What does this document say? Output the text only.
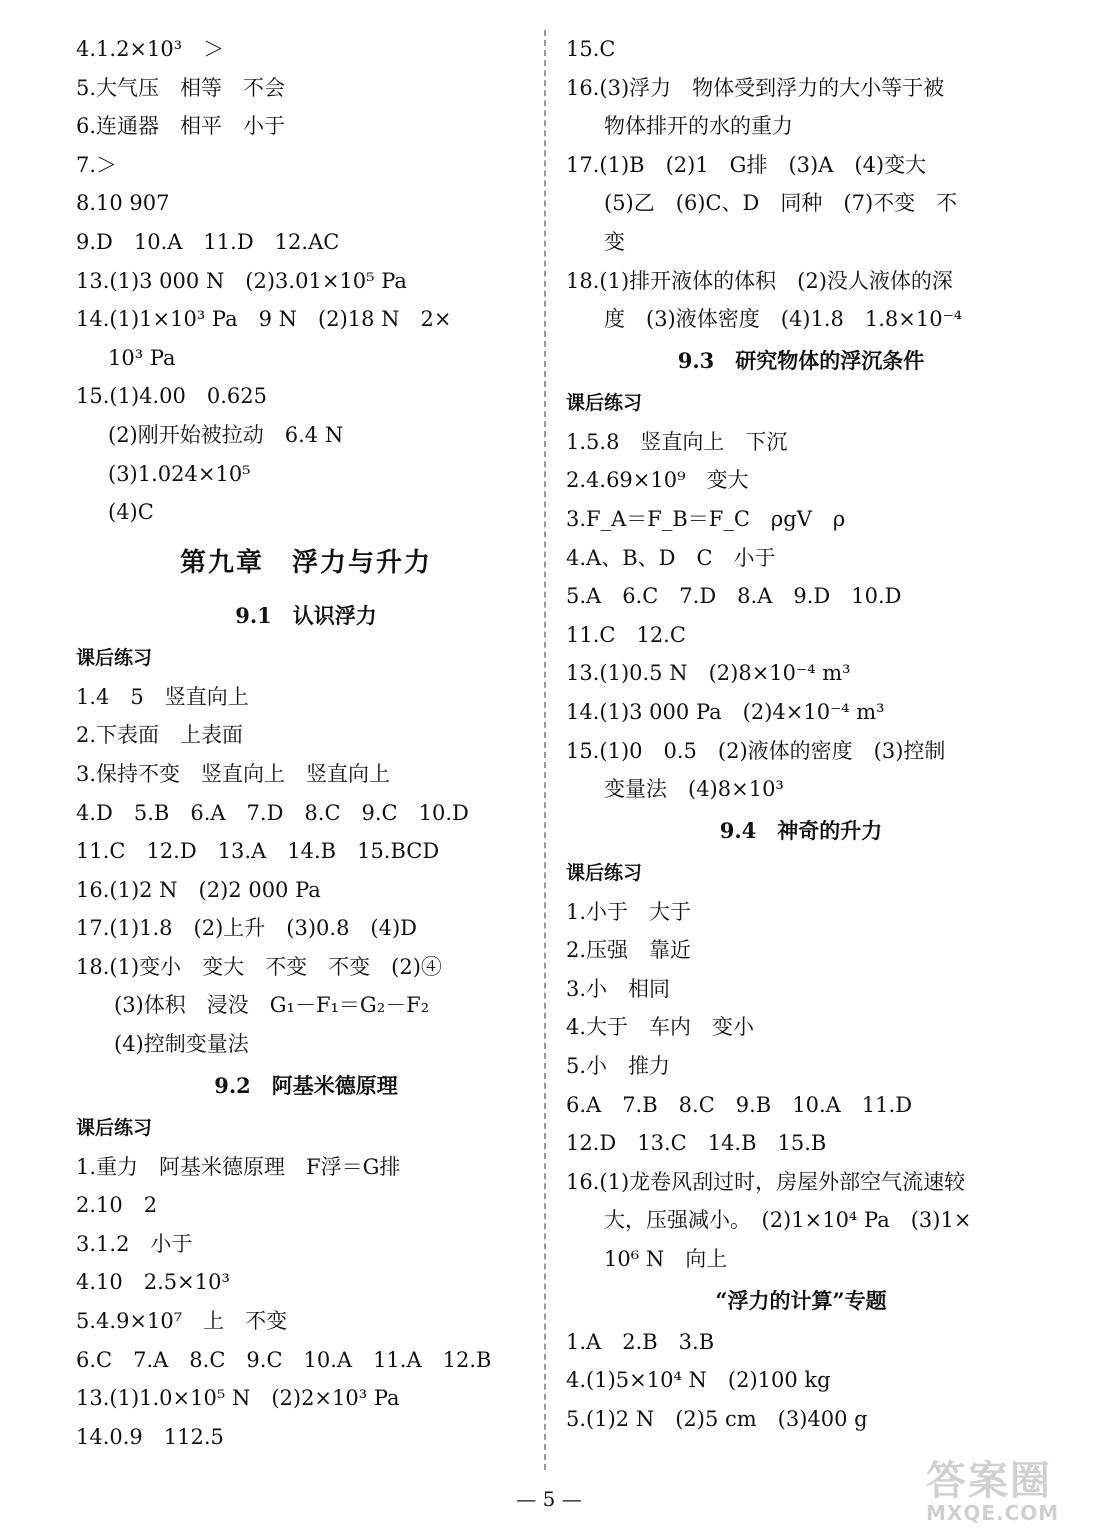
4.1.2×10³　＞
5.大气压　相等　不会
6.连通器　相平　小于
7.＞
8.10 907
9.D　10.A　11.D　12.AC
13.(1)3 000 N　(2)3.01×10⁵ Pa
14.(1)1×10³ Pa　9 N　(2)18 N　2×
10³ Pa
15.(1)4.00　0.625
(2)刚开始被拉动　6.4 N
(3)1.024×10⁵
(4)C
第九章　浮力与升力
9.1　认识浮力
课后练习
1.4　5　竖直向上
2.下表面　上表面
3.保持不变　竖直向上　竖直向上
4.D　5.B　6.A　7.D　8.C　9.C　10.D
11.C　12.D　13.A　14.B　15.BCD
16.(1)2 N　(2)2 000 Pa
17.(1)1.8　(2)上升　(3)0.8　(4)D
18.(1)变小　变大　不变　不变　(2)④
(3)体积　浸没　G₁－F₁＝G₂－F₂
(4)控制变量法
9.2　阿基米德原理
课后练习
1.重力　阿基米德原理　F浮＝G排
2.10　2
3.1.2　小于
4.10　2.5×10³
5.4.9×10⁷　上　不变
6.C　7.A　8.C　9.C　10.A　11.A　12.B
13.(1)1.0×10⁵ N　(2)2×10³ Pa
14.0.9　112.5
15.C
16.(3)浮力　物体受到浮力的大小等于被
物体排开的水的重力
17.(1)B　(2)1　G排　(3)A　(4)变大
(5)乙　(6)C、D　同种　(7)不变　不
变
18.(1)排开液体的体积　(2)没人液体的深
度　(3)液体密度　(4)1.8　1.8×10⁻⁴
9.3　研究物体的浮沉条件
课后练习
1.5.8　竖直向上　下沉
2.4.69×10⁹　变大
3.F_A＝F_B＝F_C　ρgV　ρ
4.A、B、D　C　小于
5.A　6.C　7.D　8.A　9.D　10.D
11.C　12.C
13.(1)0.5 N　(2)8×10⁻⁴ m³
14.(1)3 000 Pa　(2)4×10⁻⁴ m³
15.(1)0　0.5　(2)液体的密度　(3)控制
变量法　(4)8×10³
9.4　神奇的升力
课后练习
1.小于　大于
2.压强　靠近
3.小　相同
4.大于　车内　变小
5.小　推力
6.A　7.B　8.C　9.B　10.A　11.D
12.D　13.C　14.B　15.B
16.(1)龙卷风刮过时，房屋外部空气流速较
大，压强减小。　(2)1×10⁴ Pa　(3)1×
10⁶ N　向上
“浮力的计算”专题
1.A　2.B　3.B
4.(1)5×10⁴ N　(2)100 kg
5.(1)2 N　(2)5 cm　(3)400 g
— 5 —	答案圈
MXQE.COM
